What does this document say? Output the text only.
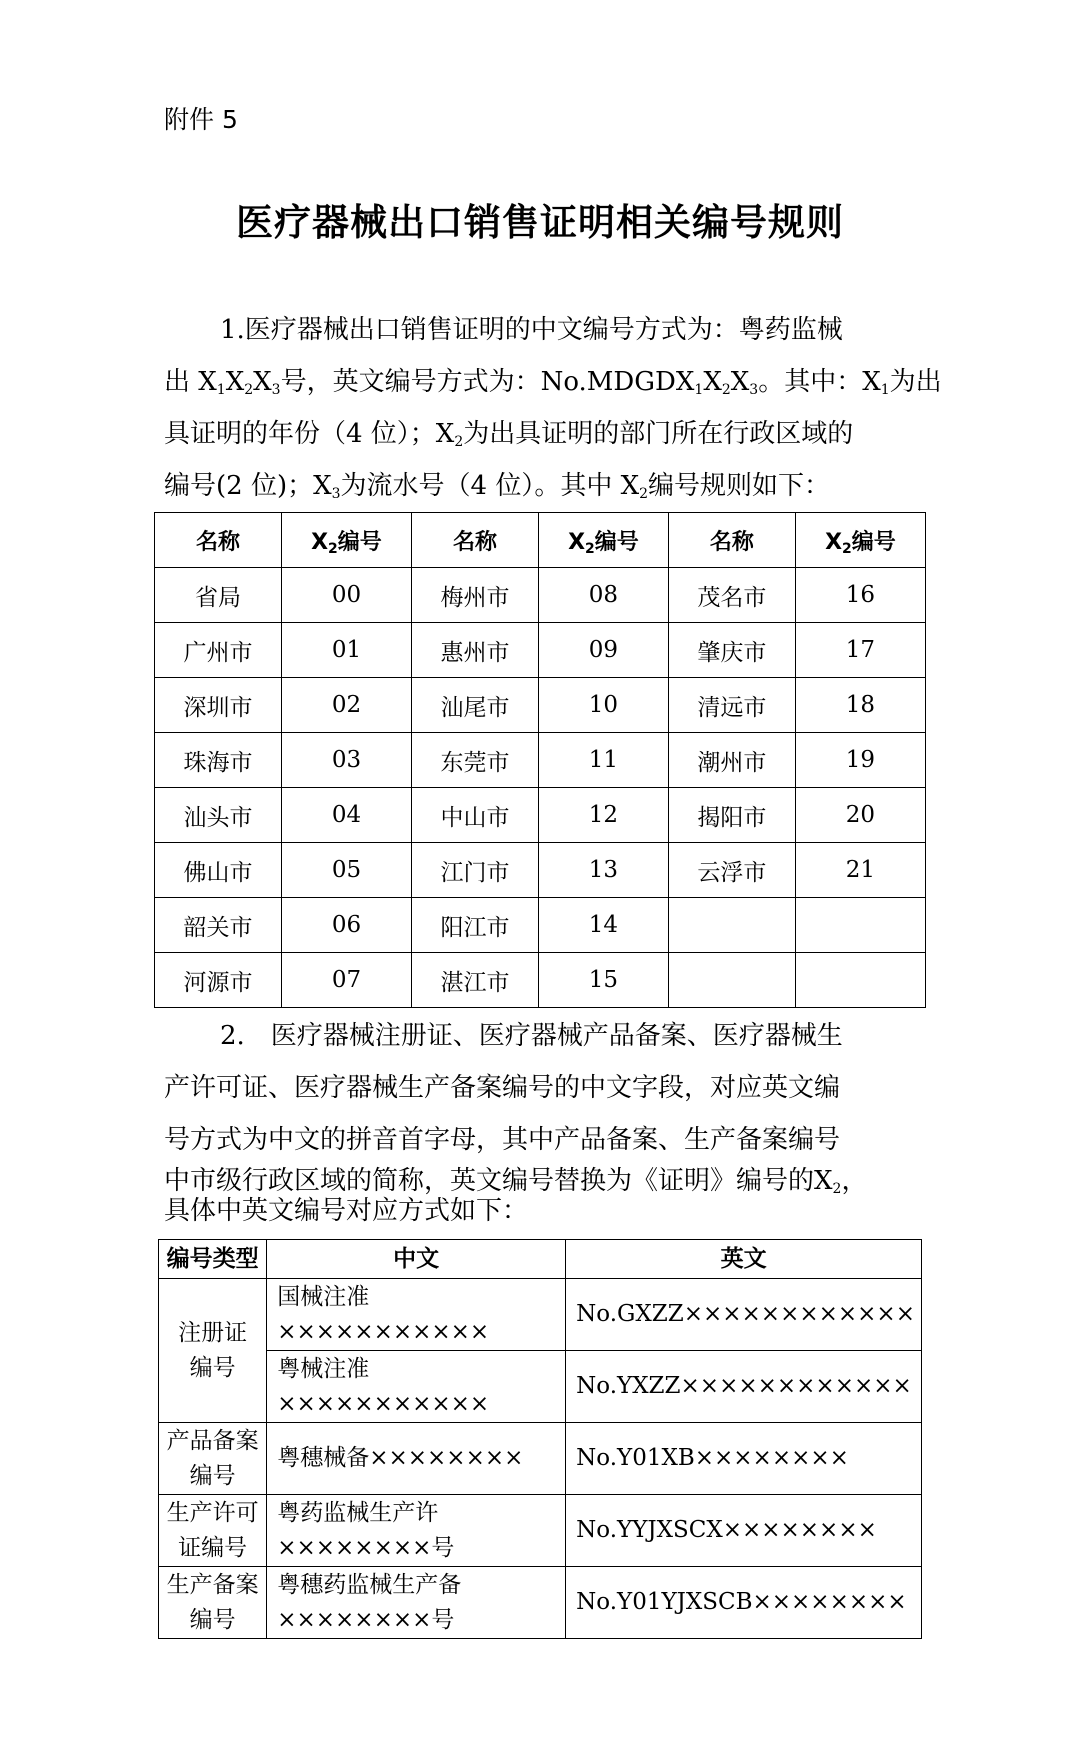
附件 5
医疗器械出口销售证明相关编号规则
1.医疗器械出口销售证明的中文编号方式为：粤药监械
出 $X_1X_2X_3$号，英文编号方式为：$No.MDGDX_1X_2X_3$。其中：$X_1$为出
具证明的年份（4 位）；$X_2$为出具证明的部门所在行政区域的
编号(2 位)；$X_3$为流水号（4 位）。其中 $X_2$编号规则如下：
名称	$X_2$编号	名称	$X_2$编号	名称	$X_2$编号
省局	00	梅州市	08	茂名市	16
广州市	01	惠州市	09	肇庆市	17
深圳市	02	汕尾市	10	清远市	18
珠海市	03	东莞市	11	潮州市	19
汕头市	04	中山市	12	揭阳市	20
佛山市	05	江门市	13	云浮市	21
韶关市	06	阳江市	14		
河源市	07	湛江市	15		
2.　医疗器械注册证、医疗器械产品备案、医疗器械生
产许可证、医疗器械生产备案编号的中文字段，对应英文编
号方式为中文的拼音首字母，其中产品备案、生产备案编号
中市级行政区域的简称，英文编号替换为《证明》编号的$X_2$，
具体中英文编号对应方式如下：
编号类型	中文	英文
注册证
编号	国械注准×××××××××××	No.GXZZ××××××××××××
	粤械注准×××××××××××	No.YXZZ××××××××××××
产品备案
编号	粤穗械备××××××××	No.Y01XB××××××××
生产许可
证编号	粤药监械生产许××××××××号	No.YYJXSCX××××××××
生产备案
编号	粤穗药监械生产备××××××××号	No.Y01YJXSCB××××××××
